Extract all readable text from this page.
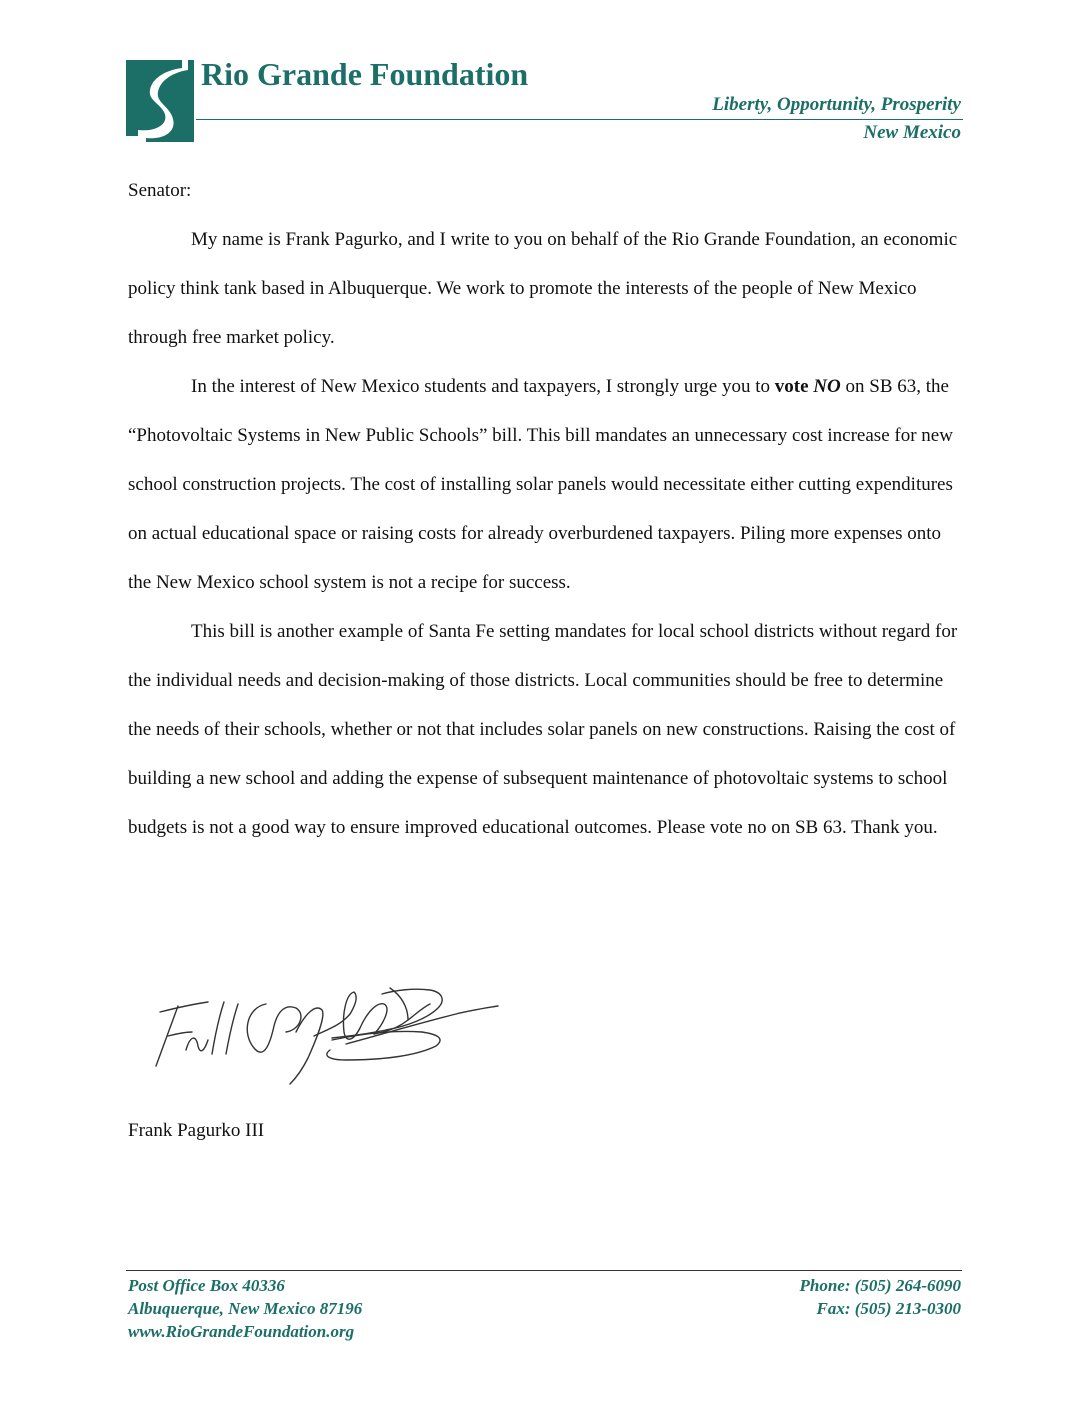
Rio Grande Foundation
Liberty, Opportunity, Prosperity
New Mexico

Senator:

My name is Frank Pagurko, and I write to you on behalf of the Rio Grande Foundation, an economic policy think tank based in Albuquerque. We work to promote the interests of the people of New Mexico through free market policy.

In the interest of New Mexico students and taxpayers, I strongly urge you to vote NO on SB 63, the “Photovoltaic Systems in New Public Schools” bill. This bill mandates an unnecessary cost increase for new school construction projects. The cost of installing solar panels would necessitate either cutting expenditures on actual educational space or raising costs for already overburdened taxpayers. Piling more expenses onto the New Mexico school system is not a recipe for success.

This bill is another example of Santa Fe setting mandates for local school districts without regard for the individual needs and decision-making of those districts. Local communities should be free to determine the needs of their schools, whether or not that includes solar panels on new constructions. Raising the cost of building a new school and adding the expense of subsequent maintenance of photovoltaic systems to school budgets is not a good way to ensure improved educational outcomes. Please vote no on SB 63. Thank you.

Frank Pagurko III
Post Office Box 40336
Albuquerque, New Mexico 87196
www.RioGrandeFoundation.org
Phone: (505) 264-6090
Fax: (505) 213-0300
